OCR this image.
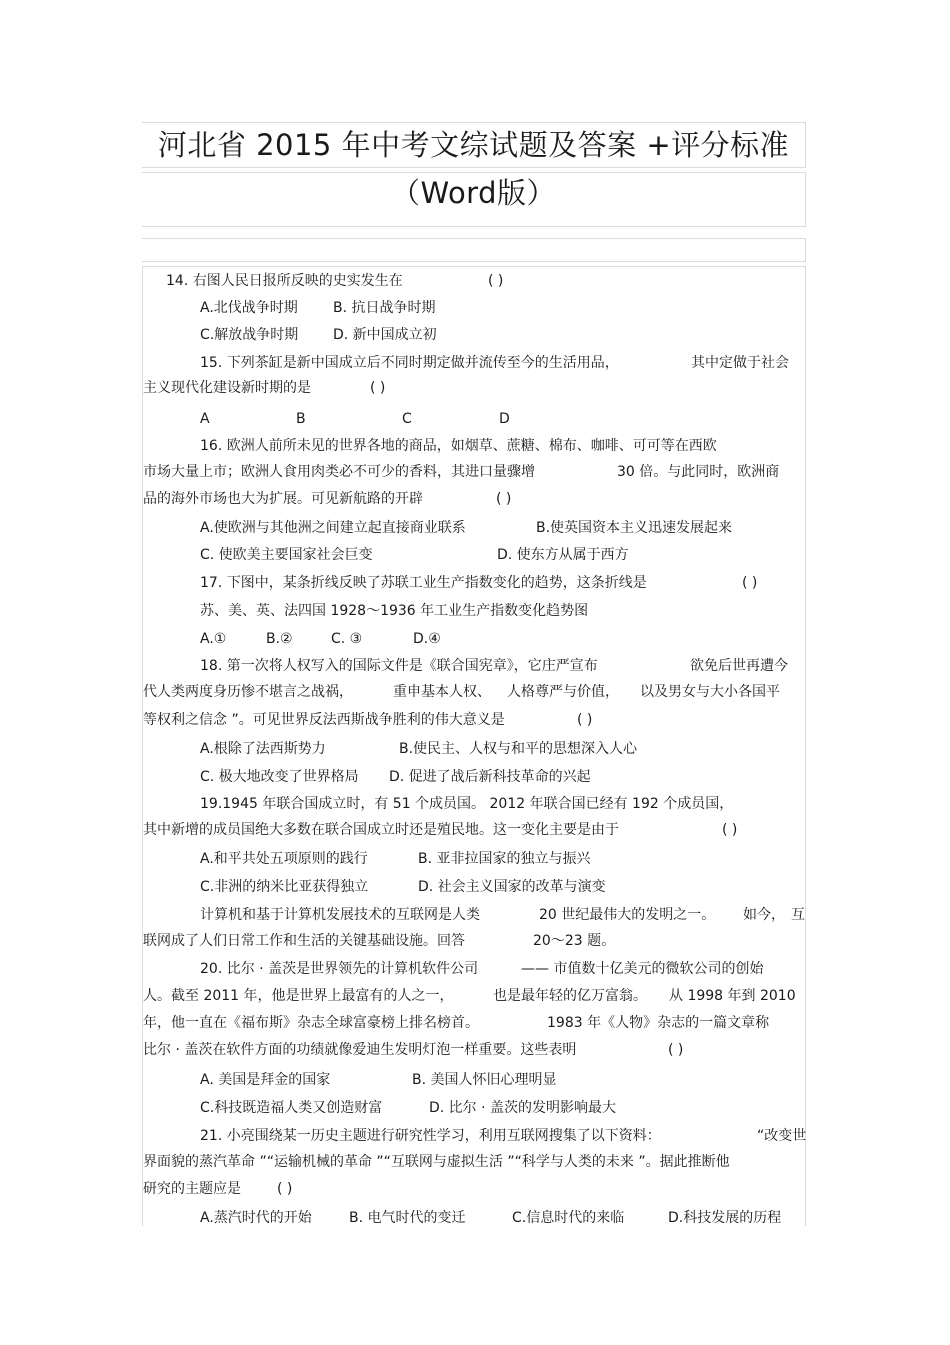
河北省 2015 年中考文综试题及答案 +评分标准
（Word版）
14. 右图人民日报所反映的史实发生在	( )
A.北伐战争时期	B. 抗日战争时期
C.解放战争时期 D. 新中国成立初
15. 下列茶缸是新中国成立后不同时期定做并流传至今的生活用品，	其中定做于社会
主义现代化建设新时期的是	( )
A	B	C	D
16. 欧洲人前所未见的世界各地的商品，如烟草、蔗糖、棉布、咖啡、可可等在西欧
市场大量上市；欧洲人食用肉类必不可少的香料，其进口量骤增	30 倍。与此同时，欧洲商
品的海外市场也大为扩展。可见新航路的开辟	( )
A.使欧洲与其他洲之间建立起直接商业联系	B.使英国资本主义迅速发展起来
C. 使欧美主要国家社会巨变	D. 使东方从属于西方
17. 下图中，某条折线反映了苏联工业生产指数变化的趋势，这条折线是	( )
苏、美、英、法四国 1928～1936 年工业生产指数变化趋势图
A.①	B.②	C. ③	D.④
18. 第一次将人权写入的国际文件是《联合国宪章》，它庄严宣布	欲免后世再遭今
代人类两度身历惨不堪言之战祸，	重申基本人权、 人格尊严与价值， 以及男女与大小各国平
等权利之信念 ”。可见世界反法西斯战争胜利的伟大意义是	( )
A.根除了法西斯势力	B.使民主、人权与和平的思想深入人心
C. 极大地改变了世界格局 D. 促进了战后新科技革命的兴起
19.1945 年联合国成立时，有 51 个成员国。 2012 年联合国已经有 192 个成员国，
其中新增的成员国绝大多数在联合国成立时还是殖民地。这一变化主要是由于	( )
A.和平共处五项原则的践行	B. 亚非拉国家的独立与振兴
C.非洲的纳米比亚获得独立	D. 社会主义国家的改革与演变
计算机和基于计算机发展技术的互联网是人类	20 世纪最伟大的发明之一。 如今， 互
联网成了人们日常工作和生活的关键基础设施。回答	20～23 题。
20. 比尔 · 盖茨是世界领先的计算机软件公司	—— 市值数十亿美元的微软公司的创始
人。截至 2011 年，他是世界上最富有的人之一，	也是最年轻的亿万富翁。 从 1998 年到 2010
年，他一直在《福布斯》杂志全球富豪榜上排名榜首。	1983 年《人物》杂志的一篇文章称
比尔 · 盖茨在软件方面的功绩就像爱迪生发明灯泡一样重要。这些表明	( )
A. 美国是拜金的国家	B. 美国人怀旧心理明显
C.科技既造福人类又创造财富	D. 比尔 · 盖茨的发明影响最大
21. 小亮围绕某一历史主题进行研究性学习，利用互联网搜集了以下资料：	“改变世
界面貌的蒸汽革命 ”“运输机械的革命 ”“互联网与虚拟生活 ”“科学与人类的未来 ”。据此推断他
研究的主题应是	( )
A.蒸汽时代的开始	B. 电气时代的变迁	C.信息时代的来临	D.科技发展的历程
